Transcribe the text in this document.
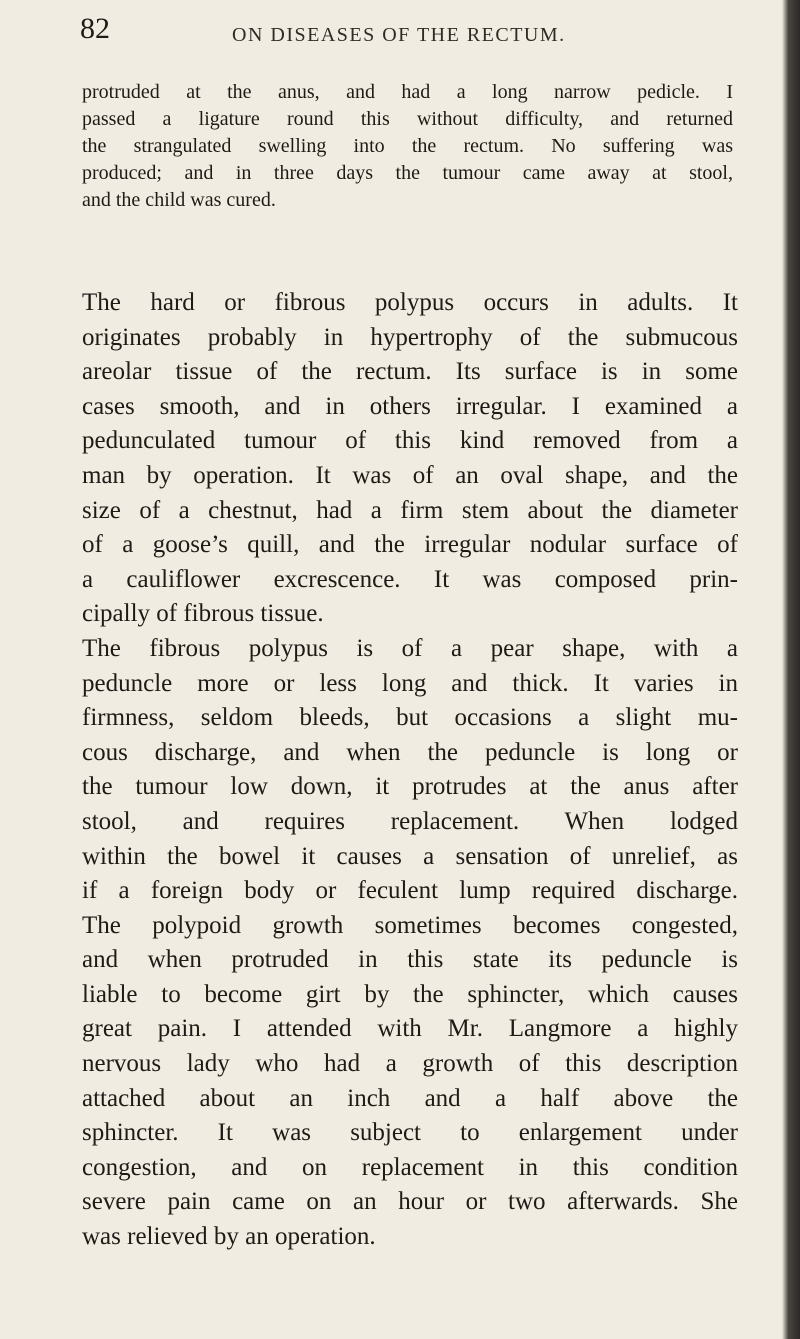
82	ON DISEASES OF THE RECTUM.

protruded at the anus, and had a long narrow pedicle. I
passed a ligature round this without difficulty, and returned
the strangulated swelling into the rectum. No suffering was
produced; and in three days the tumour came away at stool,
and the child was cured.

The hard or fibrous polypus occurs in adults. It
originates probably in hypertrophy of the submucous
areolar tissue of the rectum. Its surface is in some
cases smooth, and in others irregular. I examined a
pedunculated tumour of this kind removed from a
man by operation. It was of an oval shape, and the
size of a chestnut, had a firm stem about the diameter
of a goose’s quill, and the irregular nodular surface of
a cauliflower excrescence. It was composed prin-
cipally of fibrous tissue.

The fibrous polypus is of a pear shape, with a
peduncle more or less long and thick. It varies in
firmness, seldom bleeds, but occasions a slight mu-
cous discharge, and when the peduncle is long or
the tumour low down, it protrudes at the anus after
stool, and requires replacement. When lodged
within the bowel it causes a sensation of unrelief, as
if a foreign body or feculent lump required discharge.
The polypoid growth sometimes becomes congested,
and when protruded in this state its peduncle is
liable to become girt by the sphincter, which causes
great pain. I attended with Mr. Langmore a highly
nervous lady who had a growth of this description
attached about an inch and a half above the
sphincter. It was subject to enlargement under
congestion, and on replacement in this condition
severe pain came on an hour or two afterwards. She
was relieved by an operation.
